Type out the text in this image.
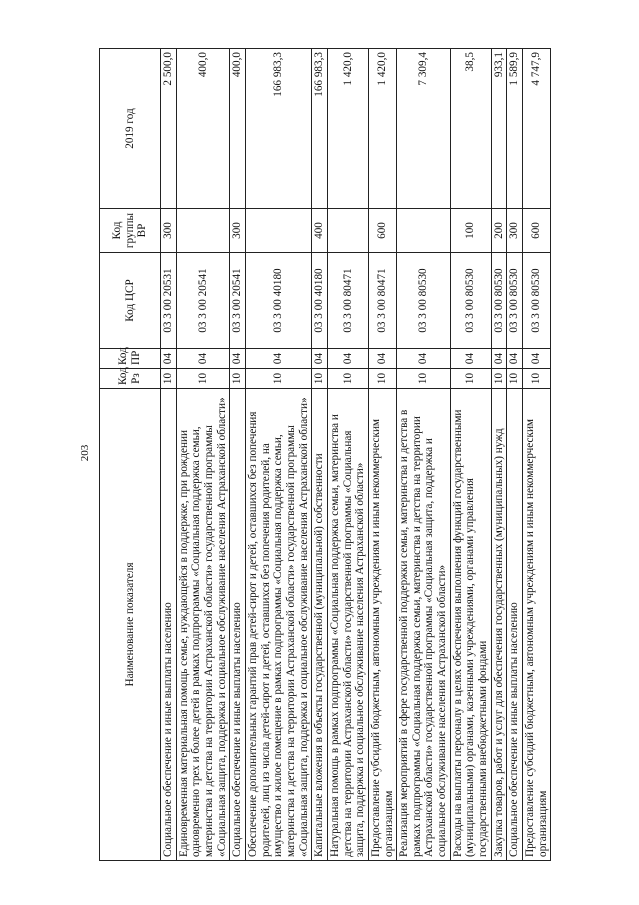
203
Наименование показателя	Код Рз	Код ПР	Код ЦСР	Код группы ВР	2019 год
Социальное обеспечение и иные выплаты населению	10	04	03 3 00 20531	300	2 500,0
Единовременная материальная помощь семье, нуждающейся в поддержке, при рождении одновременно трех и более детей в рамках подпрограммы «Социальная поддержка семьи, материнства и детства на территории Астраханской области» государственной программы «Социальная защита, поддержка и социальное обслуживание населения Астраханской области»	10	04	03 3 00 20541		400,0
Социальное обеспечение и иные выплаты населению	10	04	03 3 00 20541	300	400,0
Обеспечение дополнительных гарантий прав детей-сирот и детей, оставшихся без попечения родителей, лиц из числа детей-сирот и детей, оставшихся без попечения родителей, на имущество и жилое помещение в рамках подпрограммы «Социальная поддержка семьи, материнства и детства на территории Астраханской области» государственной программы «Социальная защита, поддержка и социальное обслуживание населения Астраханской области»	10	04	03 3 00 40180		166 983,3
Капитальные вложения в объекты государственной (муниципальной) собственности	10	04	03 3 00 40180	400	166 983,3
Натуральная помощь в рамках подпрограммы «Социальная поддержка семьи, материнства и детства на территории Астраханской области» государственной программы «Социальная защита, поддержка и социальное обслуживание населения Астраханской области»	10	04	03 3 00 80471		1 420,0
Предоставление субсидий бюджетным, автономным учреждениям и иным некоммерческим организациям	10	04	03 3 00 80471	600	1 420,0
Реализация мероприятий в сфере государственной поддержки семьи, материнства и детства в рамках подпрограммы «Социальная поддержка семьи, материнства и детства на территории Астраханской области» государственной программы «Социальная защита, поддержка и социальное обслуживание населения Астраханской области»	10	04	03 3 00 80530		7 309,4
Расходы на выплаты персоналу в целях обеспечения выполнения функций государственными (муниципальными) органами, казенными учреждениями, органами управления государственными внебюджетными фондами	10	04	03 3 00 80530	100	38,5
Закупка товаров, работ и услуг для обеспечения государственных (муниципальных) нужд	10	04	03 3 00 80530	200	933,1
Социальное обеспечение и иные выплаты населению	10	04	03 3 00 80530	300	1 589,9
Предоставление субсидий бюджетным, автономным учреждениям и иным некоммерческим организациям	10	04	03 3 00 80530	600	4 747,9
